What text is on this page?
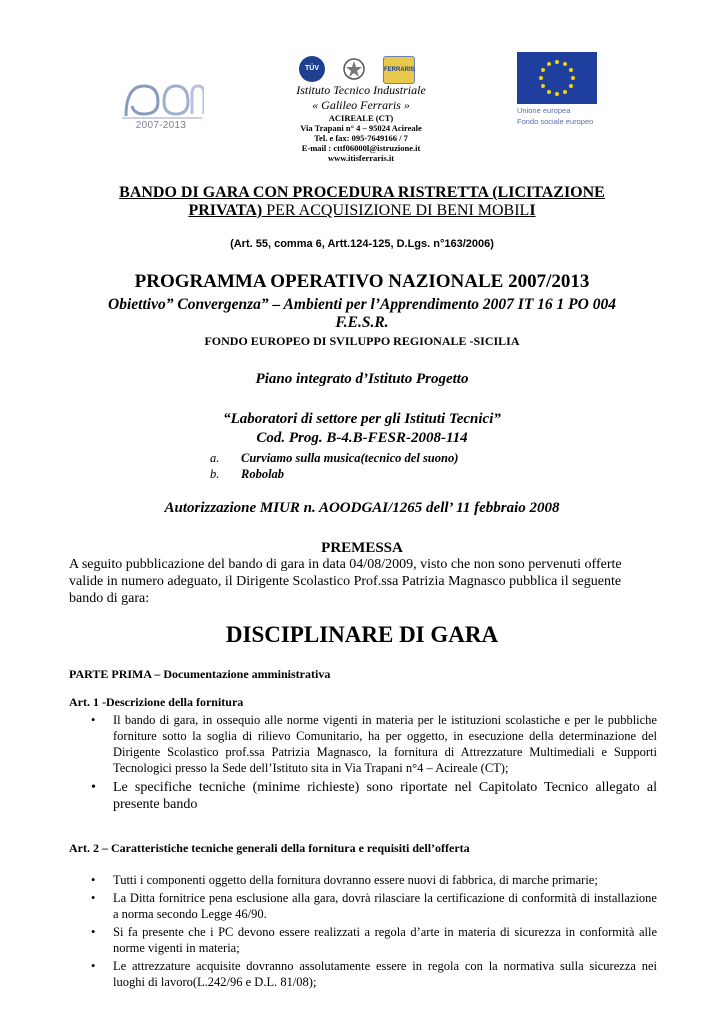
2007-2013
TÜV	FERRARIS
Istituto Tecnico Industriale
« Galileo Ferraris »
ACIREALE (CT)
Via Trapani n° 4 – 95024 Acireale
Tel. e fax: 095-7649166 / 7
E-mail : cttf06000l@istruzione.it
www.itisferraris.it
Unione europea
Fondo sociale europeo
BANDO DI GARA CON PROCEDURA RISTRETTA (LICITAZIONE
PRIVATA) PER ACQUISIZIONE DI BENI MOBILI
(Art. 55, comma 6, Artt.124-125, D.Lgs. n°163/2006)
PROGRAMMA OPERATIVO NAZIONALE 2007/2013
Obiettivo” Convergenza” – Ambienti per l’Apprendimento 2007 IT 16 1 PO 004
F.E.S.R.
FONDO EUROPEO DI SVILUPPO REGIONALE -SICILIA
Piano integrato d’Istituto Progetto
“Laboratori di settore per gli Istituti Tecnici”
Cod. Prog. B-4.B-FESR-2008-114
a. Curviamo sulla musica(tecnico del suono)
b. Robolab
Autorizzazione MIUR n. AOODGAI/1265 dell’ 11 febbraio 2008
PREMESSA
A seguito pubblicazione del bando di gara in data 04/08/2009, visto che non sono pervenuti offerte valide in numero adeguato, il Dirigente Scolastico Prof.ssa Patrizia Magnasco pubblica il seguente bando di gara:
DISCIPLINARE DI GARA
PARTE PRIMA – Documentazione amministrativa
Art. 1 -Descrizione della fornitura
• Il bando di gara, in ossequio alle norme vigenti in materia per le istituzioni scolastiche e per le pubbliche forniture sotto la soglia di rilievo Comunitario, ha per oggetto, in esecuzione della determinazione del Dirigente Scolastico prof.ssa Patrizia Magnasco, la fornitura di Attrezzature Multimediali e Supporti Tecnologici presso la Sede dell’Istituto sita in Via Trapani n°4 – Acireale (CT);
• Le specifiche tecniche (minime richieste) sono riportate nel Capitolato Tecnico allegato al presente bando
Art. 2 – Caratteristiche tecniche generali della fornitura e requisiti dell’offerta
• Tutti i componenti oggetto della fornitura dovranno essere nuovi di fabbrica, di marche primarie;
• La Ditta fornitrice pena esclusione alla gara, dovrà rilasciare la certificazione di conformità di installazione a norma secondo Legge 46/90.
• Si fa presente che i PC devono essere realizzati a regola d’arte in materia di sicurezza in conformità alle norme vigenti in materia;
• Le attrezzature acquisite dovranno assolutamente essere in regola con la normativa sulla sicurezza nei luoghi di lavoro(L.242/96 e D.L. 81/08);
